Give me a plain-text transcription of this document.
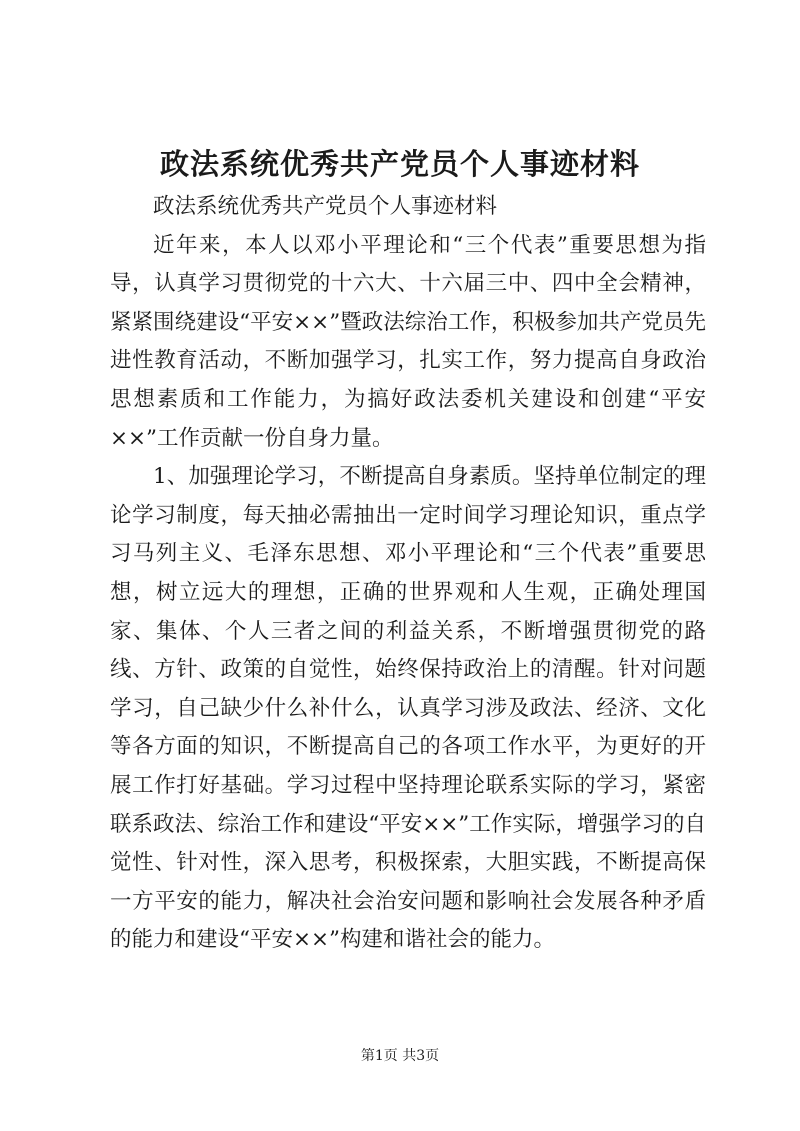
政法系统优秀共产党员个人事迹材料

政法系统优秀共产党员个人事迹材料

近年来，本人以邓小平理论和“三个代表”重要思想为指导，认真学习贯彻党的十六大、十六届三中、四中全会精神，紧紧围绕建设“平安××”暨政法综治工作，积极参加共产党员先进性教育活动，不断加强学习，扎实工作，努力提高自身政治思想素质和工作能力，为搞好政法委机关建设和创建“平安××”工作贡献一份自身力量。

1、加强理论学习，不断提高自身素质。坚持单位制定的理论学习制度，每天抽必需抽出一定时间学习理论知识，重点学习马列主义、毛泽东思想、邓小平理论和“三个代表”重要思想，树立远大的理想，正确的世界观和人生观，正确处理国家、集体、个人三者之间的利益关系，不断增强贯彻党的路线、方针、政策的自觉性，始终保持政治上的清醒。针对问题学习，自己缺少什么补什么，认真学习涉及政法、经济、文化等各方面的知识，不断提高自己的各项工作水平，为更好的开展工作打好基础。学习过程中坚持理论联系实际的学习，紧密联系政法、综治工作和建设“平安××”工作实际，增强学习的自觉性、针对性，深入思考，积极探索，大胆实践，不断提高保一方平安的能力，解决社会治安问题和影响社会发展各种矛盾的能力和建设“平安××”构建和谐社会的能力。

第1页 共3页
